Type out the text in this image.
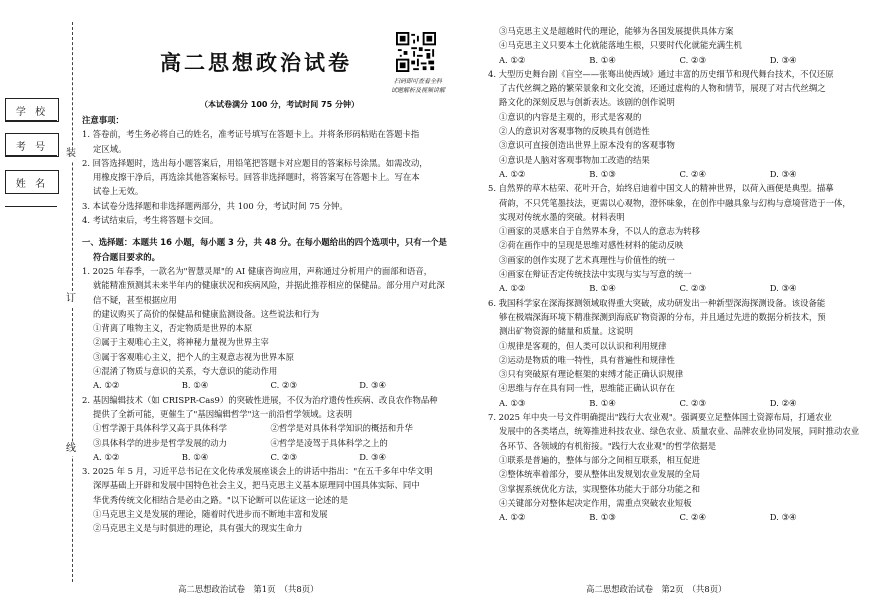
学 校
考 号
姓 名
装
订
线
高二思想政治试卷
扫码即可查看全科
试题解析及视频讲解
（本试卷满分 100 分，考试时间 75 分钟）
注意事项：
1. 答卷前，考生务必将自己的姓名，准考证号填写在答题卡上。并将条形码粘贴在答题卡指
定区域。
2. 回答选择题时，选出每小题答案后，用铅笔把答题卡对应题目的答案标号涂黑。如需改动，
用橡皮擦干净后，再选涂其他答案标号。回答非选择题时，将答案写在答题卡上。写在本
试卷上无效。
3. 本试卷分选择题和非选择题两部分，共 100 分，考试时间 75 分钟。
4. 考试结束后，考生将答题卡交回。
一、选择题：本题共 16 小题，每小题 3 分，共 48 分。在每小题给出的四个选项中，只有一个是
符合题目要求的。
1. 2025 年春季，一款名为"智慧灵犀"的 AI 健康咨询应用，声称通过分析用户的面部和语音，
就能精准预测其未来半年内的健康状况和疾病风险，并据此推荐相应的保健品。部分用户对此深信不疑，甚至根据应用
的建议购买了高价的保健品和健康监测设备。这些说法和行为
①背离了唯物主义，否定物质是世界的本原
②属于主观唯心主义，将神秘力量视为世界主宰
③属于客观唯心主义，把个人的主观意志视为世界本原
④混淆了物质与意识的关系，夸大意识的能动作用
A. ①②	B. ①④	C. ②③	D. ③④
2. 基因编辑技术（如 CRISPR-Cas9）的突破性进展，不仅为治疗遗传性疾病、改良农作物品种
提供了全新可能，更催生了"基因编辑哲学"这一前沿哲学领域。这表明
①哲学源于具体科学又高于具体科学	②哲学是对具体科学知识的概括和升华
③具体科学的进步是哲学发展的动力	④哲学是凌驾于具体科学之上的
A. ①②	B. ①④	C. ②③	D. ③④
3. 2025 年 5 月，习近平总书记在文化传承发展座谈会上的讲话中指出："在五千多年中华文明
深厚基础上开辟和发展中国特色社会主义，把马克思主义基本原理同中国具体实际、同中
华优秀传统文化相结合是必由之路。"以下论断可以佐证这一论述的是
①马克思主义是发展的理论，随着时代进步而不断地丰富和发展
②马克思主义是与时俱进的理论，具有强大的现实生命力
③马克思主义是超越时代的理论，能够为各国发展提供具体方案
④马克思主义只要本土化就能落地生根，只要时代化就能充满生机
A. ①②	B. ①④	C. ②③	D. ③④
4. 大型历史舞台剧《盲空——张骞出使西域》通过丰富的历史细节和现代舞台技术，不仅还原
了古代丝绸之路的繁荣景象和文化交流，还通过虚构的人物和情节，展现了对古代丝绸之
路文化的深刻反思与创新表达。该剧的创作说明
①意识的内容是主观的，形式是客观的
②人的意识对客观事物的反映具有创造性
③意识可直接创造出世界上原本没有的客观事物
④意识是人脑对客观事物加工改造的结果
A. ①②	B. ①③	C. ②④	D. ③④
5. 自然界的草木枯荣、花叶开合，始终启迪着中国文人的精神世界，以荷入画便是典型。描摹
荷韵，不只凭笔墨技法，更需以心观物，澄怀味象，在创作中融具象与幻构与意境营造于一体，
实现对传统水墨的突破。材料表明
①画家的灵感来自于自然界本身，不以人的意志为转移
②荷在画作中的呈现是思维对感性材料的能动反映
③画家的创作实现了艺术真理性与价值性的统一
④画家在辩证否定传统技法中实现与实与写意的统一
A. ①②	B. ①④	C. ②③	D. ③④
6. 我国科学家在深海探测领域取得重大突破，成功研发出一种新型深海探测设备。该设备能
够在极端深海环境下精准探测到海底矿物资源的分布，并且通过先进的数据分析技术，预
测出矿物资源的储量和质量。这说明
①规律是客观的，但人类可以认识和利用规律
②运动是物质的唯一特性，具有普遍性和规律性
③只有突破原有理论框架的束缚才能正确认识规律
④思维与存在具有同一性，思维能正确认识存在
A. ①③	B. ①④	C. ②③	D. ②④
7. 2025 年中央一号文件明确提出"践行大农业观"。强调要立足整体国土资源布局，打通农业
发展中的各类堵点，统筹推进科技农业、绿色农业、质量农业、品牌农业协同发展，同时推动农业
各环节、各领域的有机衔接。"践行大农业观"的哲学依据是
①联系是普遍的，整体与部分之间相互联系，相互促进
②整体统率着部分，要从整体出发规划农业发展的全局
③掌握系统优化方法，实现整体功能大于部分功能之和
④关键部分对整体起决定作用，需重点突破农业短板
A. ①②	B. ①③	C. ②④	D. ③④
高二思想政治试卷　第1页　（共8页）	高二思想政治试卷　第2页　（共8页）
